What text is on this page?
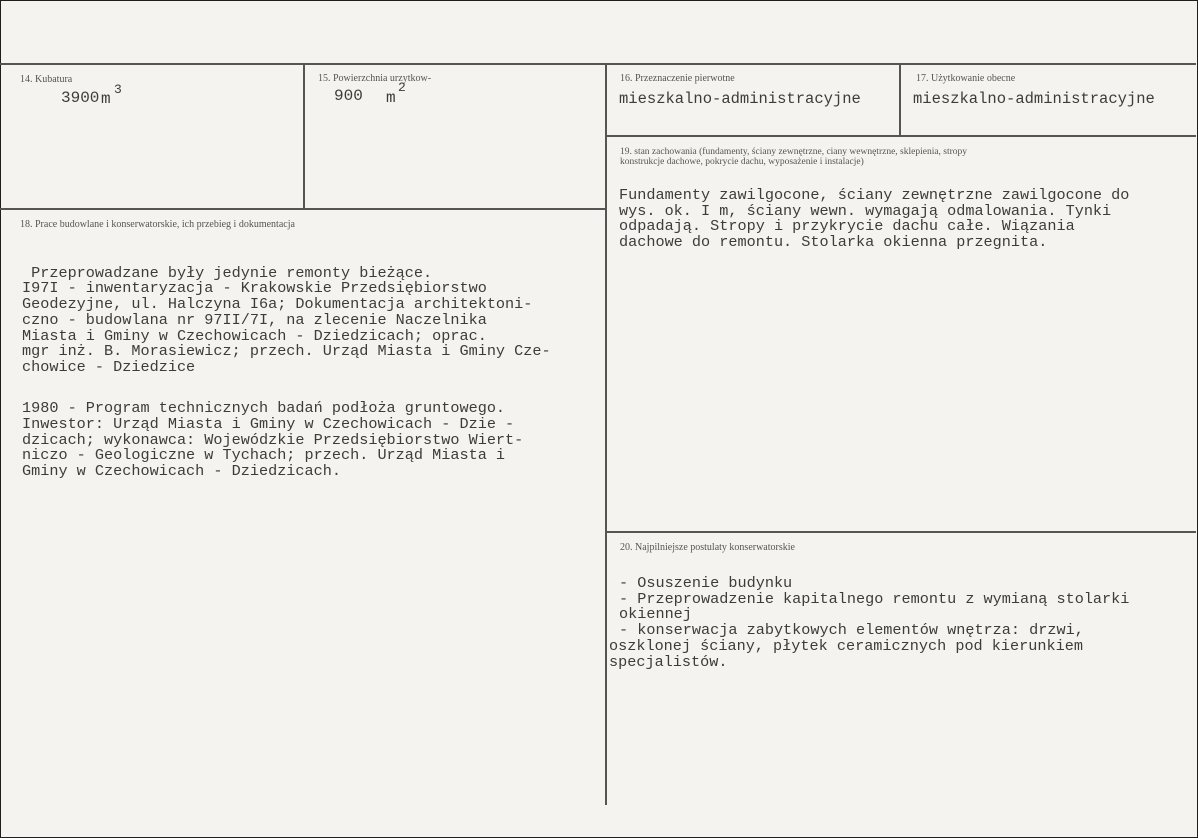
14. Kubatura
3900 m
3
15. Powierzchnia urzytkow-
900 m
2
16. Przeznaczenie pierwotne
mieszkalno-administracyjne
17. Użytkowanie obecne
mieszkalno-administracyjne
18. Prace budowlane i konserwatorskie, ich przebieg i dokumentacja

Przeprowadzane były jedynie remonty bieżące.
I97I - inwentaryzacja - Krakowskie Przedsiębiorstwo
Geodezyjne, ul. Halczyna I6a; Dokumentacja architektoni-
czno - budowlana nr 97II/7I, na zlecenie Naczelnika
Miasta i Gminy w Czechowicach - Dziedzicach; oprac.
mgr inż. B. Morasiewicz; przech. Urząd Miasta i Gminy Cze-
chowice - Dziedzice
1980 - Program technicznych badań podłoża gruntowego.
Inwestor: Urząd Miasta i Gminy w Czechowicach - Dzie -
dzicach; wykonawca: Wojewódzkie Przedsiębiorstwo Wiert-
niczo - Geologiczne w Tychach; przech. Urząd Miasta i
Gminy w Czechowicach - Dziedzicach.

19. stan zachowania (fundamenty, ściany zewnętrzne, ciany wewnętrzne, sklepienia, stropy
konstrukcje dachowe, pokrycie dachu, wyposażenie i instalacje)

Fundamenty zawilgocone, ściany zewnętrzne zawilgocone do
wys. ok. I m, ściany wewn. wymagają odmalowania. Tynki
odpadają. Stropy i przykrycie dachu całe. Wiązania
dachowe do remontu. Stolarka okienna przegnita.

20. Najpilniejsze postulaty konserwatorskie

- Osuszenie budynku
- Przeprowadzenie kapitalnego remontu z wymianą stolarki
okiennej
- konserwacja zabytkowych elementów wnętrza: drzwi,
oszklonej ściany, płytek ceramicznych pod kierunkiem
specjalistów.
